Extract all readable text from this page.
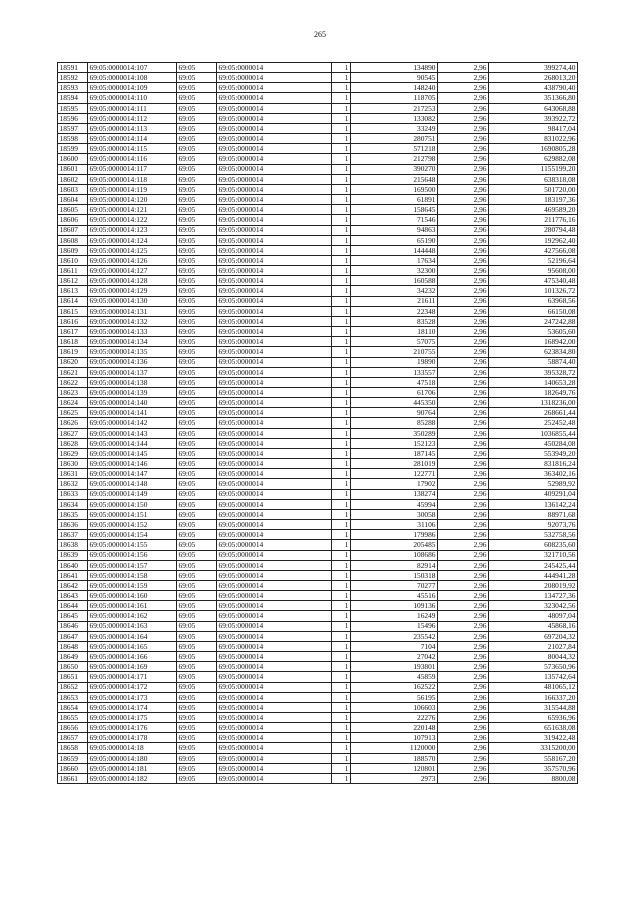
265
18591	69:05:0000014:107	69:05	69:05:0000014	1	134890	2,96	399274,40
18592	69:05:0000014:108	69:05	69:05:0000014	1	90545	2,96	268013,20
18593	69:05:0000014:109	69:05	69:05:0000014	1	148240	2,96	438790,40
18594	69:05:0000014:110	69:05	69:05:0000014	1	118705	2,96	351366,80
18595	69:05:0000014:111	69:05	69:05:0000014	1	217253	2,96	643068,88
18596	69:05:0000014:112	69:05	69:05:0000014	1	133082	2,96	393922,72
18597	69:05:0000014:113	69:05	69:05:0000014	1	33249	2,96	98417,04
18598	69:05:0000014:114	69:05	69:05:0000014	1	280751	2,96	831022,96
18599	69:05:0000014:115	69:05	69:05:0000014	1	571218	2,96	1690805,28
18600	69:05:0000014:116	69:05	69:05:0000014	1	212798	2,96	629882,08
18601	69:05:0000014:117	69:05	69:05:0000014	1	390270	2,96	1155199,20
18602	69:05:0000014:118	69:05	69:05:0000014	1	215648	2,96	638318,08
18603	69:05:0000014:119	69:05	69:05:0000014	1	169500	2,96	501720,00
18604	69:05:0000014:120	69:05	69:05:0000014	1	61891	2,96	183197,36
18605	69:05:0000014:121	69:05	69:05:0000014	1	158645	2,96	469589,20
18606	69:05:0000014:122	69:05	69:05:0000014	1	71546	2,96	211776,16
18607	69:05:0000014:123	69:05	69:05:0000014	1	94863	2,96	280794,48
18608	69:05:0000014:124	69:05	69:05:0000014	1	65190	2,96	192962,40
18609	69:05:0000014:125	69:05	69:05:0000014	1	144448	2,96	427566,08
18610	69:05:0000014:126	69:05	69:05:0000014	1	17634	2,96	52196,64
18611	69:05:0000014:127	69:05	69:05:0000014	1	32300	2,96	95608,00
18612	69:05:0000014:128	69:05	69:05:0000014	1	160588	2,96	475340,48
18613	69:05:0000014:129	69:05	69:05:0000014	1	34232	2,96	101326,72
18614	69:05:0000014:130	69:05	69:05:0000014	1	21611	2,96	63968,56
18615	69:05:0000014:131	69:05	69:05:0000014	1	22348	2,96	66150,08
18616	69:05:0000014:132	69:05	69:05:0000014	1	83528	2,96	247242,88
18617	69:05:0000014:133	69:05	69:05:0000014	1	18110	2,96	53605,60
18618	69:05:0000014:134	69:05	69:05:0000014	1	57075	2,96	168942,00
18619	69:05:0000014:135	69:05	69:05:0000014	1	210755	2,96	623834,80
18620	69:05:0000014:136	69:05	69:05:0000014	1	19890	2,96	58874,40
18621	69:05:0000014:137	69:05	69:05:0000014	1	133557	2,96	395328,72
18622	69:05:0000014:138	69:05	69:05:0000014	1	47518	2,96	140653,28
18623	69:05:0000014:139	69:05	69:05:0000014	1	61706	2,96	182649,76
18624	69:05:0000014:140	69:05	69:05:0000014	1	445350	2,96	1318236,00
18625	69:05:0000014:141	69:05	69:05:0000014	1	90764	2,96	268661,44
18626	69:05:0000014:142	69:05	69:05:0000014	1	85288	2,96	252452,48
18627	69:05:0000014:143	69:05	69:05:0000014	1	350289	2,96	1036855,44
18628	69:05:0000014:144	69:05	69:05:0000014	1	152123	2,96	450284,08
18629	69:05:0000014:145	69:05	69:05:0000014	1	187145	2,96	553949,20
18630	69:05:0000014:146	69:05	69:05:0000014	1	281019	2,96	831816,24
18631	69:05:0000014:147	69:05	69:05:0000014	1	122771	2,96	363402,16
18632	69:05:0000014:148	69:05	69:05:0000014	1	17902	2,96	52989,92
18633	69:05:0000014:149	69:05	69:05:0000014	1	138274	2,96	409291,04
18634	69:05:0000014:150	69:05	69:05:0000014	1	45994	2,96	136142,24
18635	69:05:0000014:151	69:05	69:05:0000014	1	30058	2,96	88971,68
18636	69:05:0000014:152	69:05	69:05:0000014	1	31106	2,96	92073,76
18637	69:05:0000014:154	69:05	69:05:0000014	1	179986	2,96	532758,56
18638	69:05:0000014:155	69:05	69:05:0000014	1	205485	2,96	608235,60
18639	69:05:0000014:156	69:05	69:05:0000014	1	108686	2,96	321710,56
18640	69:05:0000014:157	69:05	69:05:0000014	1	82914	2,96	245425,44
18641	69:05:0000014:158	69:05	69:05:0000014	1	150318	2,96	444941,28
18642	69:05:0000014:159	69:05	69:05:0000014	1	70277	2,96	208019,92
18643	69:05:0000014:160	69:05	69:05:0000014	1	45516	2,96	134727,36
18644	69:05:0000014:161	69:05	69:05:0000014	1	109136	2,96	323042,56
18645	69:05:0000014:162	69:05	69:05:0000014	1	16249	2,96	48097,04
18646	69:05:0000014:163	69:05	69:05:0000014	1	15496	2,96	45868,16
18647	69:05:0000014:164	69:05	69:05:0000014	1	235542	2,96	697204,32
18648	69:05:0000014:165	69:05	69:05:0000014	1	7104	2,96	21027,84
18649	69:05:0000014:166	69:05	69:05:0000014	1	27042	2,96	80044,32
18650	69:05:0000014:169	69:05	69:05:0000014	1	193801	2,96	573650,96
18651	69:05:0000014:171	69:05	69:05:0000014	1	45859	2,96	135742,64
18652	69:05:0000014:172	69:05	69:05:0000014	1	162522	2,96	481065,12
18653	69:05:0000014:173	69:05	69:05:0000014	1	56195	2,96	166337,20
18654	69:05:0000014:174	69:05	69:05:0000014	1	106603	2,96	315544,88
18655	69:05:0000014:175	69:05	69:05:0000014	1	22276	2,96	65936,96
18656	69:05:0000014:176	69:05	69:05:0000014	1	220148	2,96	651638,08
18657	69:05:0000014:178	69:05	69:05:0000014	1	107913	2,96	319422,48
18658	69:05:0000014:18	69:05	69:05:0000014	1	1120000	2,96	3315200,00
18659	69:05:0000014:180	69:05	69:05:0000014	1	188570	2,96	558167,20
18660	69:05:0000014:181	69:05	69:05:0000014	1	120801	2,96	357570,96
18661	69:05:0000014:182	69:05	69:05:0000014	1	2973	2,96	8800,08
